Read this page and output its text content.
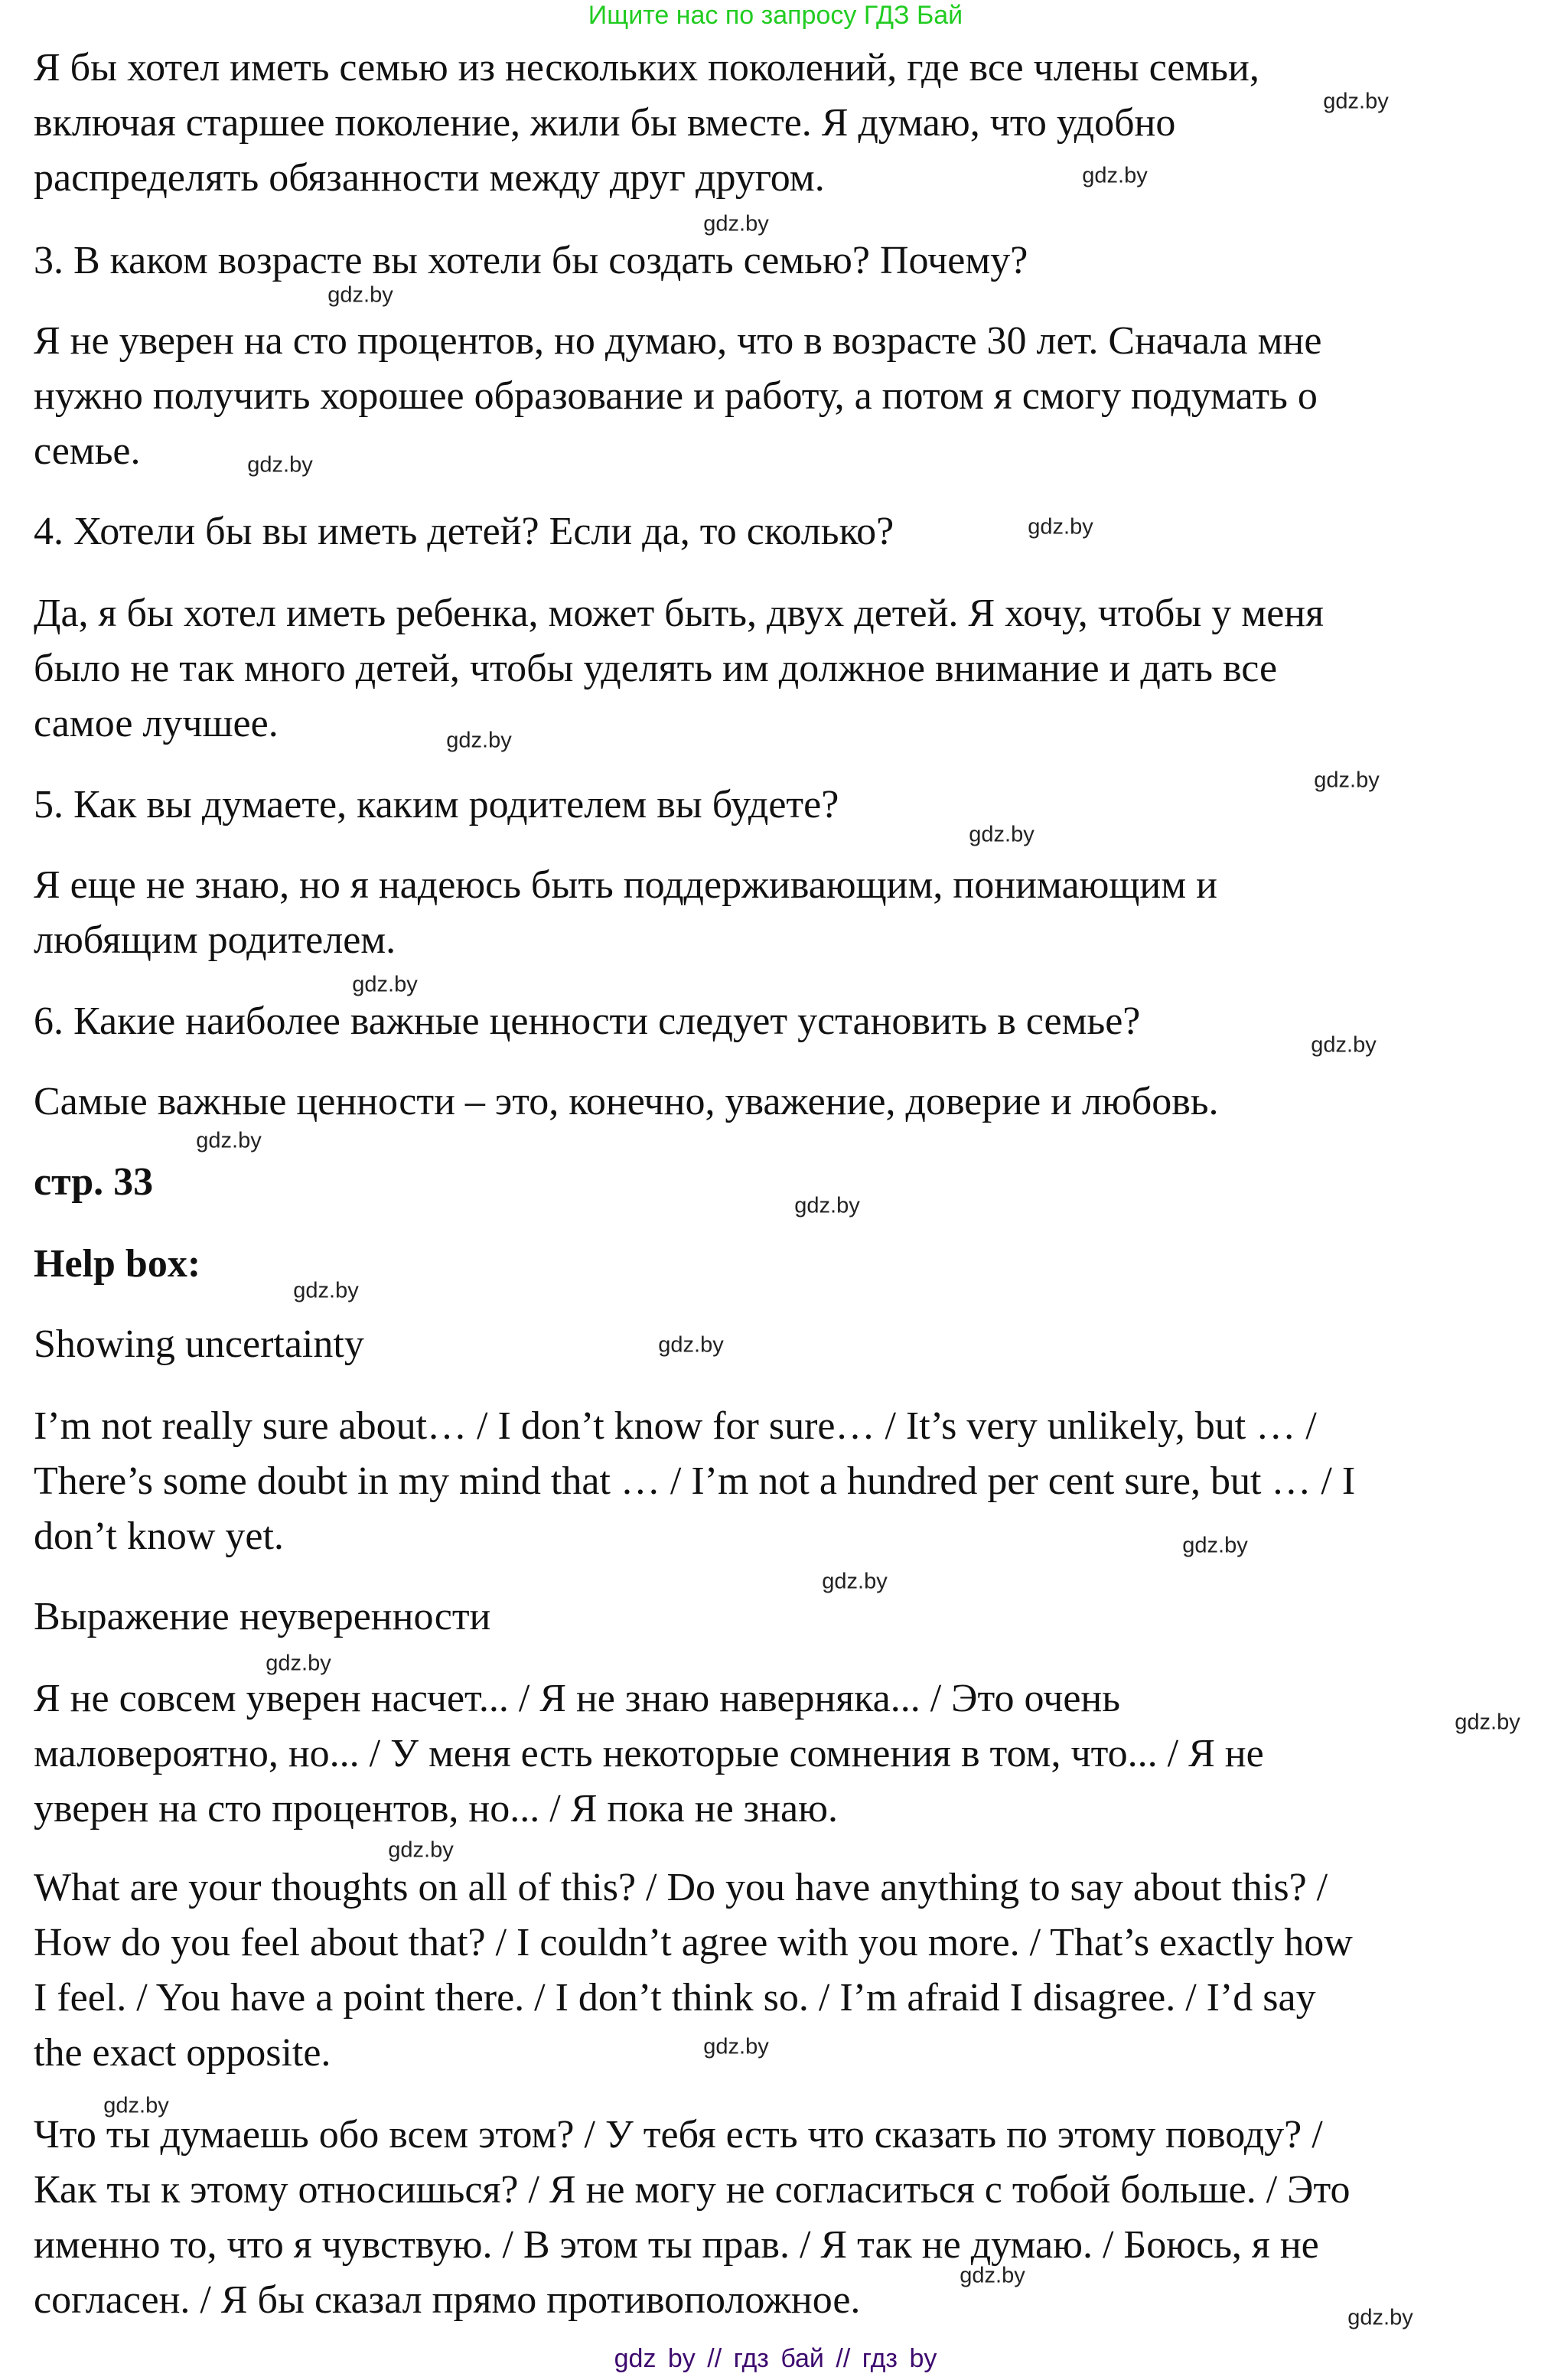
Ищите нас по запросу ГДЗ Бай
Я бы хотел иметь семью из нескольких поколений, где все члены семьи,
включая старшее поколение, жили бы вместе. Я думаю, что удобно
распределять обязанности между друг другом.
3. В каком возрасте вы хотели бы создать семью? Почему?
Я не уверен на сто процентов, но думаю, что в возрасте 30 лет. Сначала мне
нужно получить хорошее образование и работу, а потом я смогу подумать о
семье.
4. Хотели бы вы иметь детей? Если да, то сколько?
Да, я бы хотел иметь ребенка, может быть, двух детей. Я хочу, чтобы у меня
было не так много детей, чтобы уделять им должное внимание и дать все
самое лучшее.
5. Как вы думаете, каким родителем вы будете?
Я еще не знаю, но я надеюсь быть поддерживающим, понимающим и
любящим родителем.
6. Какие наиболее важные ценности следует установить в семье?
Самые важные ценности – это, конечно, уважение, доверие и любовь.
стр. 33
Help box:
Showing uncertainty
I’m not really sure about… / I don’t know for sure… / It’s very unlikely, but … /
There’s some doubt in my mind that … / I’m not a hundred per cent sure, but … / I
don’t know yet.
Выражение неуверенности
Я не совсем уверен насчет... / Я не знаю наверняка... / Это очень
маловероятно, но... / У меня есть некоторые сомнения в том, что... / Я не
уверен на сто процентов, но... / Я пока не знаю.
What are your thoughts on all of this? / Do you have anything to say about this? /
How do you feel about that? / I couldn’t agree with you more. / That’s exactly how
I feel. / You have a point there. / I don’t think so. / I’m afraid I disagree. / I’d say
the exact opposite.
Что ты думаешь обо всем этом? / У тебя есть что сказать по этому поводу? /
Как ты к этому относишься? / Я не могу не согласиться с тобой больше. / Это
именно то, что я чувствую. / В этом ты прав. / Я так не думаю. / Боюсь, я не
согласен. / Я бы сказал прямо противоположное.
gdz.by
gdz.by
gdz.by
gdz.by
gdz.by
gdz.by
gdz.by
gdz.by
gdz.by
gdz.by
gdz.by
gdz.by
gdz.by
gdz.by
gdz.by
gdz.by
gdz.by
gdz.by
gdz.by
gdz.by
gdz.by
gdz.by
gdz.by
gdz.by
gdz by // гдз бай // гдз by
